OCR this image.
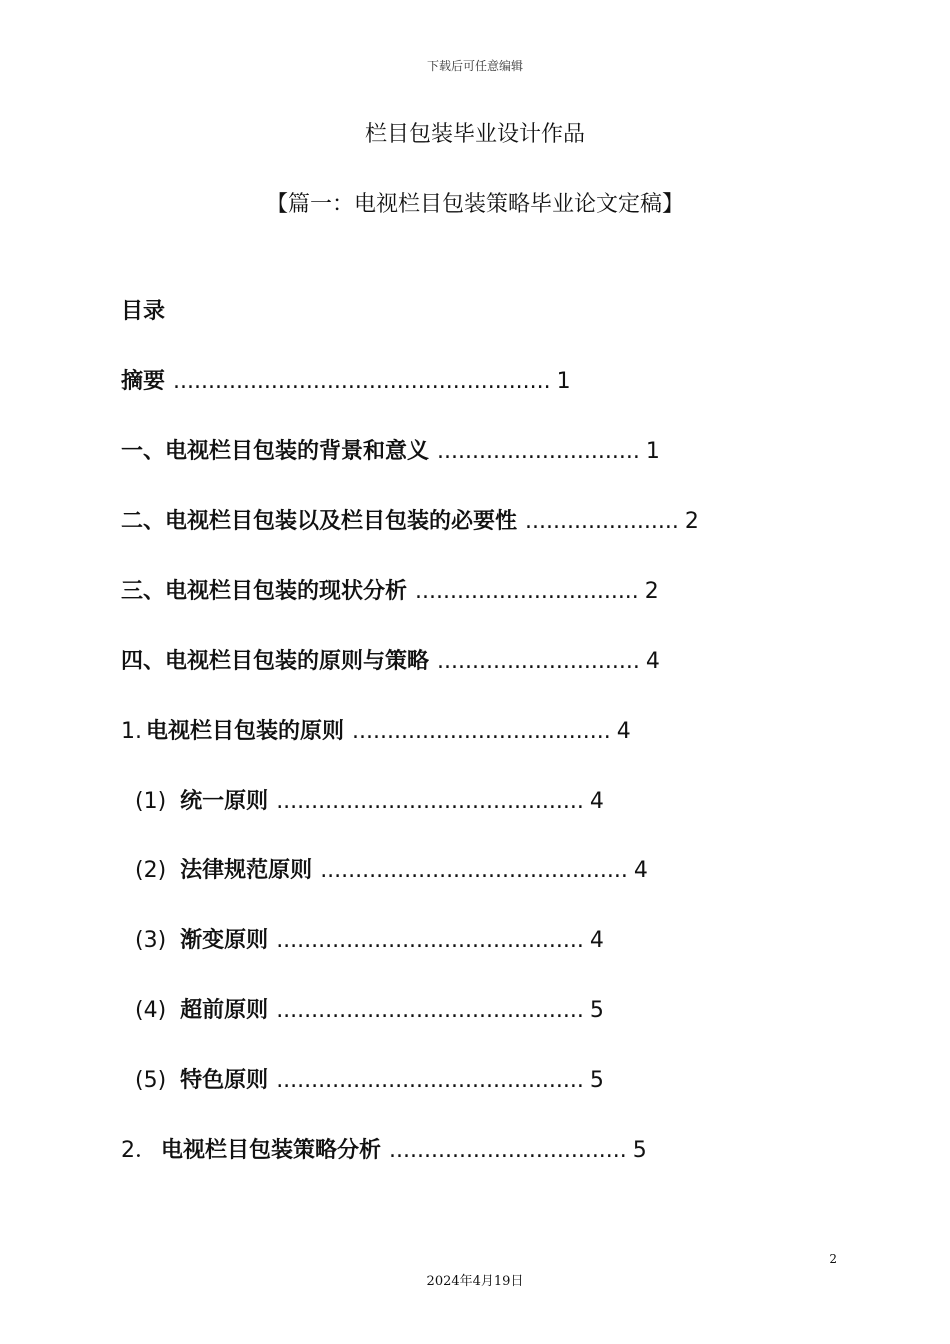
下载后可任意编辑
栏目包装毕业设计作品
【篇一：电视栏目包装策略毕业论文定稿】
目录
摘要 ...................................................... 1
一、电视栏目包装的背景和意义 ............................. 1
二、电视栏目包装以及栏目包装的必要性 ...................... 2
三、电视栏目包装的现状分析 ................................ 2
四、电视栏目包装的原则与策略 ............................. 4
1. 电视栏目包装的原则 ..................................... 4
(1) 统一原则 ............................................ 4
(2) 法律规范原则 ............................................ 4
(3) 渐变原则 ............................................ 4
(4) 超前原则 ............................................ 5
(5) 特色原则 ............................................ 5
2． 电视栏目包装策略分析 .................................. 5
2
2024年4月19日
